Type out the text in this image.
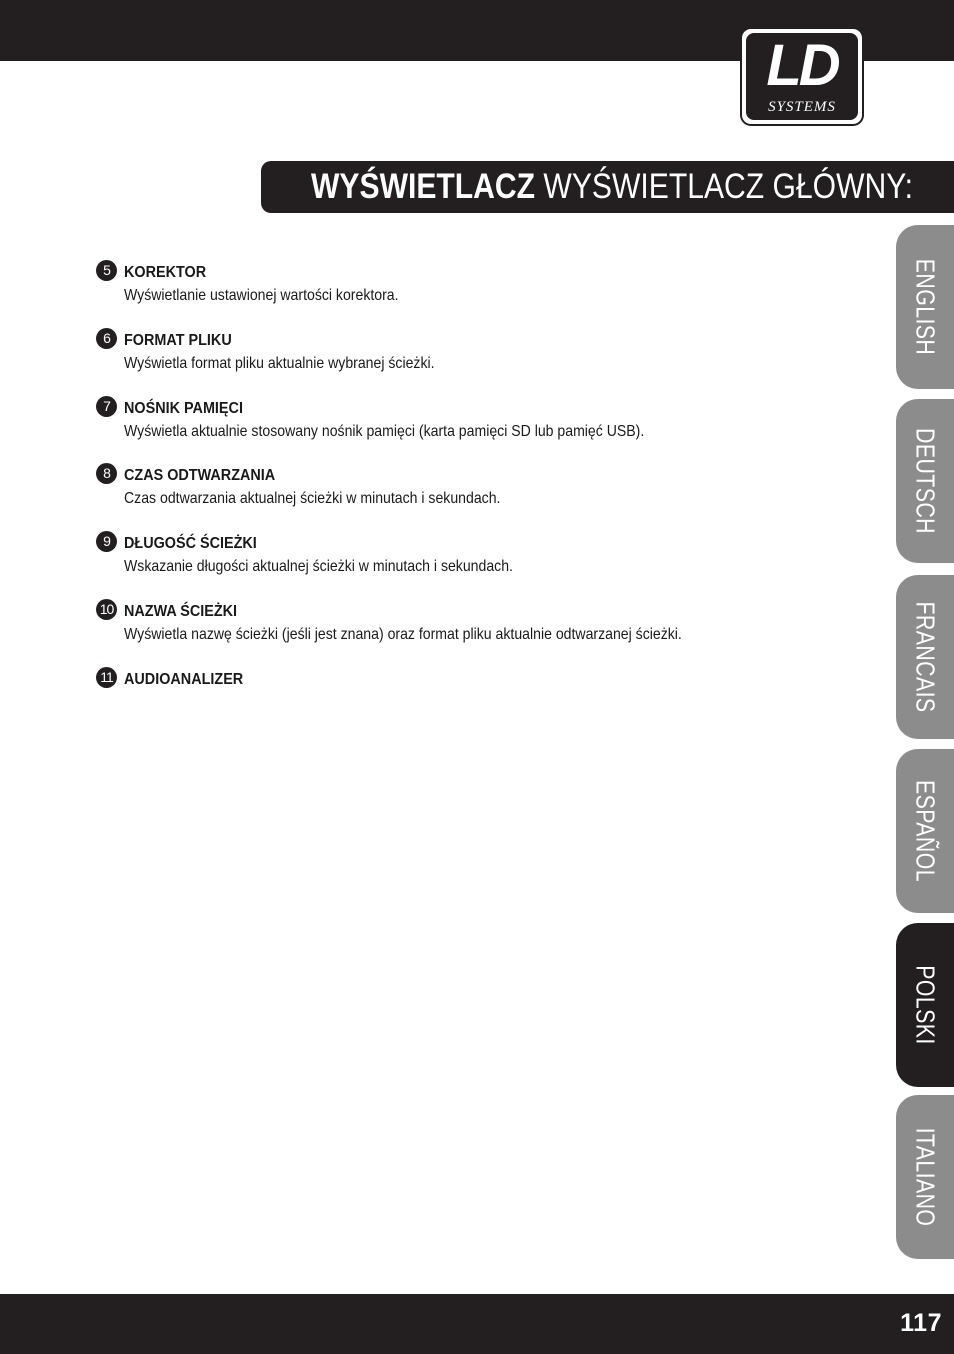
LD
SYSTEMS
WYŚWIETLACZ WYŚWIETLACZ GŁÓWNY:
5 KOREKTOR
Wyświetlanie ustawionej wartości korektora.
6 FORMAT PLIKU
Wyświetla format pliku aktualnie wybranej ścieżki.
7 NOŚNIK PAMIĘCI
Wyświetla aktualnie stosowany nośnik pamięci (karta pamięci SD lub pamięć USB).
8 CZAS ODTWARZANIA
Czas odtwarzania aktualnej ścieżki w minutach i sekundach.
9 DŁUGOŚĆ ŚCIEŻKI
Wskazanie długości aktualnej ścieżki w minutach i sekundach.
10 NAZWA ŚCIEŻKI
Wyświetla nazwę ścieżki (jeśli jest znana) oraz format pliku aktualnie odtwarzanej ścieżki.
11 AUDIOANALIZER
ENGLISH
DEUTSCH
FRANCAIS
ESPAÑOL
POLSKI
ITALIANO
117
